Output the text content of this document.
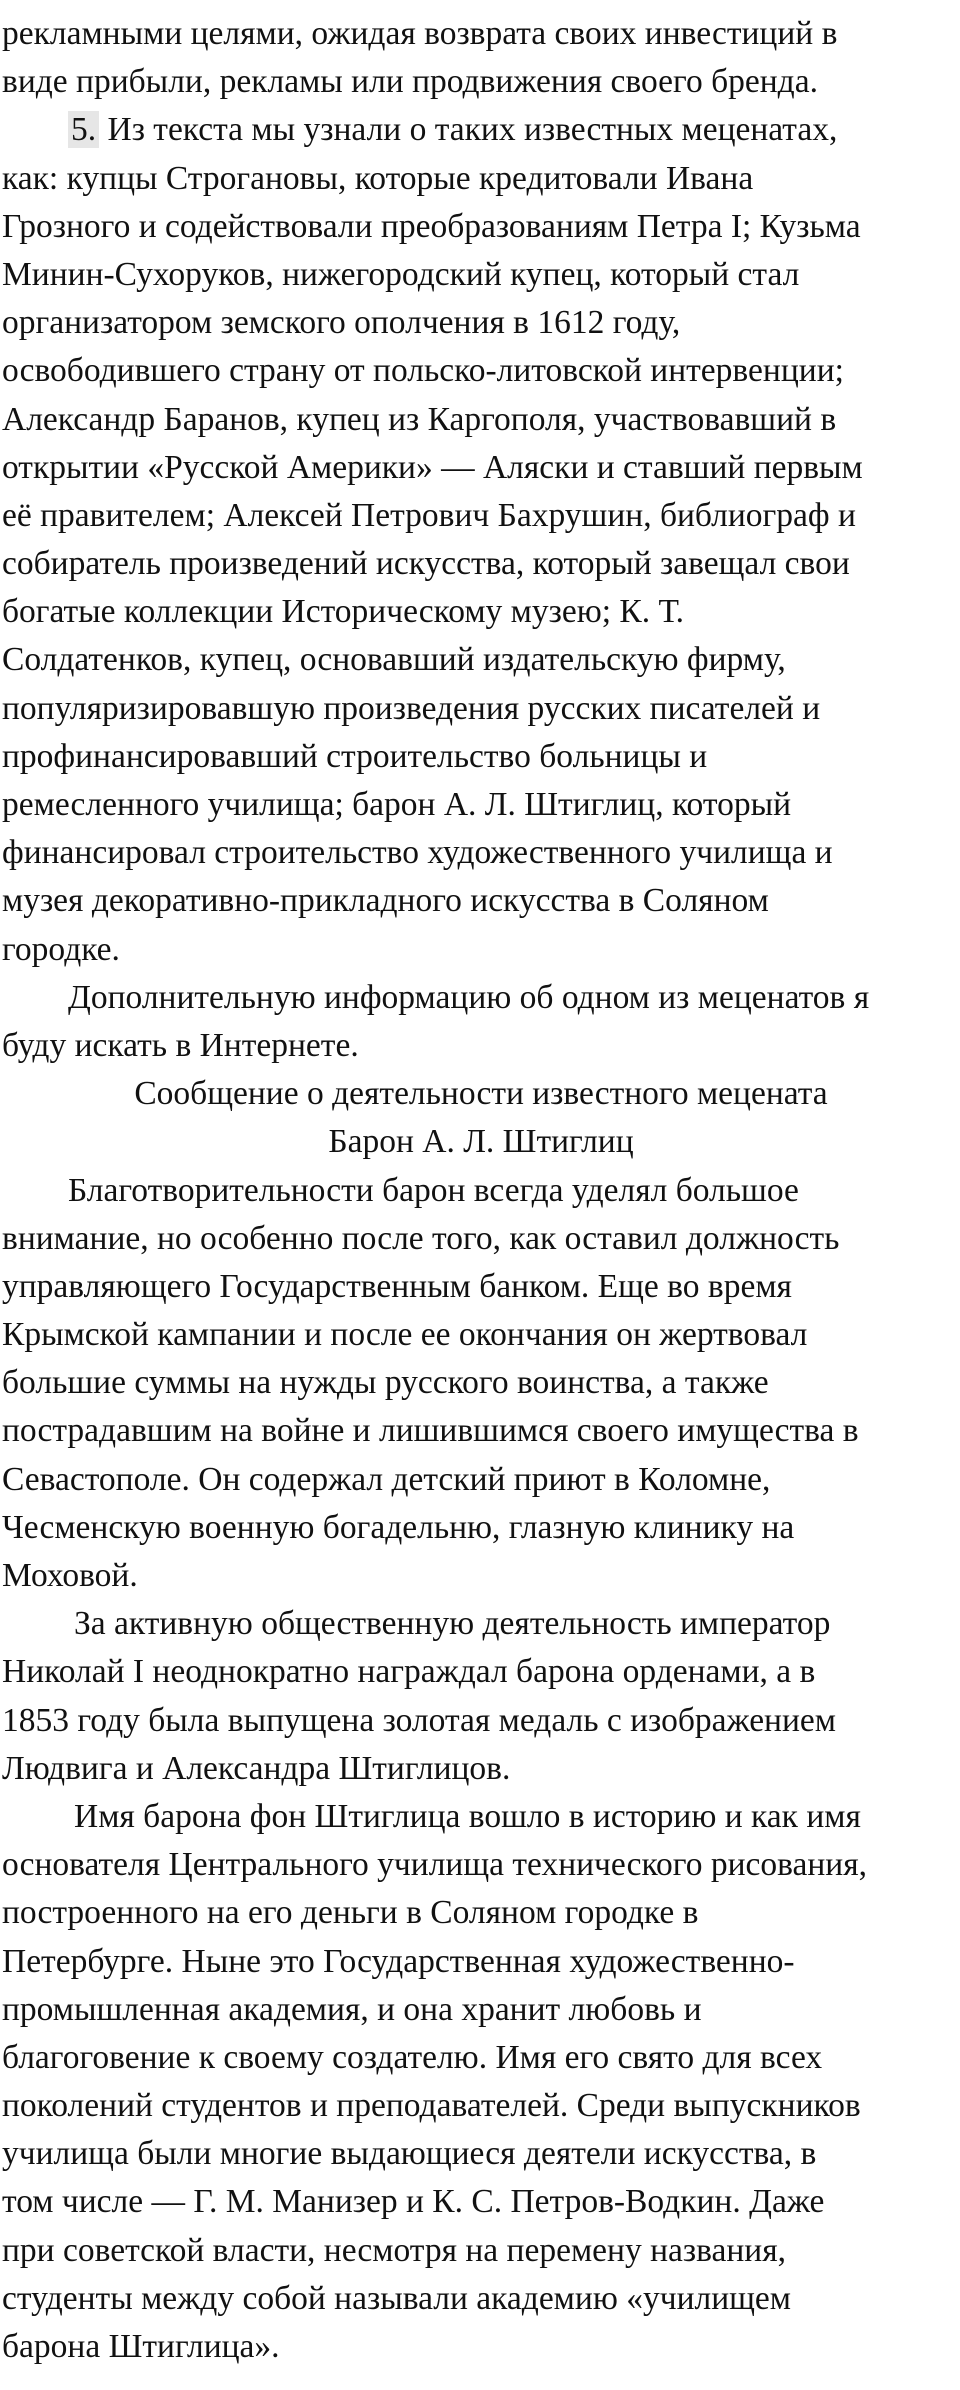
рекламными целями, ожидая возврата своих инвестиций в
виде прибыли, рекламы или продвижения своего бренда.
5. Из текста мы узнали о таких известных меценатах,
как: купцы Строгановы, которые кредитовали Ивана
Грозного и содействовали преобразованиям Петра I; Кузьма
Минин-Сухоруков, нижегородский купец, который стал
организатором земского ополчения в 1612 году,
освободившего страну от польско-литовской интервенции;
Александр Баранов, купец из Каргополя, участвовавший в
открытии «Русской Америки» — Аляски и ставший первым
её правителем; Алексей Петрович Бахрушин, библиограф и
собиратель произведений искусства, который завещал свои
богатые коллекции Историческому музею; К. Т.
Солдатенков, купец, основавший издательскую фирму,
популяризировавшую произведения русских писателей и
профинансировавший строительство больницы и
ремесленного училища; барон А. Л. Штиглиц, который
финансировал строительство художественного училища и
музея декоративно-прикладного искусства в Соляном
городке.
Дополнительную информацию об одном из меценатов я
буду искать в Интернете.
Сообщение о деятельности известного мецената
Барон А. Л. Штиглиц
Благотворительности барон всегда уделял большое
внимание, но особенно после того, как оставил должность
управляющего Государственным банком. Еще во время
Крымской кампании и после ее окончания он жертвовал
большие суммы на нужды русского воинства, а также
пострадавшим на войне и лишившимся своего имущества в
Севастополе. Он содержал детский приют в Коломне,
Чесменскую военную богадельню, глазную клинику на
Моховой.
За активную общественную деятельность император
Николай I неоднократно награждал барона орденами, а в
1853 году была выпущена золотая медаль с изображением
Людвига и Александра Штиглицов.
Имя барона фон Штиглица вошло в историю и как имя
основателя Центрального училища технического рисования,
построенного на его деньги в Соляном городке в
Петербурге. Ныне это Государственная художественно-
промышленная академия, и она хранит любовь и
благоговение к своему создателю. Имя его свято для всех
поколений студентов и преподавателей. Среди выпускников
училища были многие выдающиеся деятели искусства, в
том числе — Г. М. Манизер и К. С. Петров-Водкин. Даже
при советской власти, несмотря на перемену названия,
студенты между собой называли академию «училищем
барона Штиглица».
